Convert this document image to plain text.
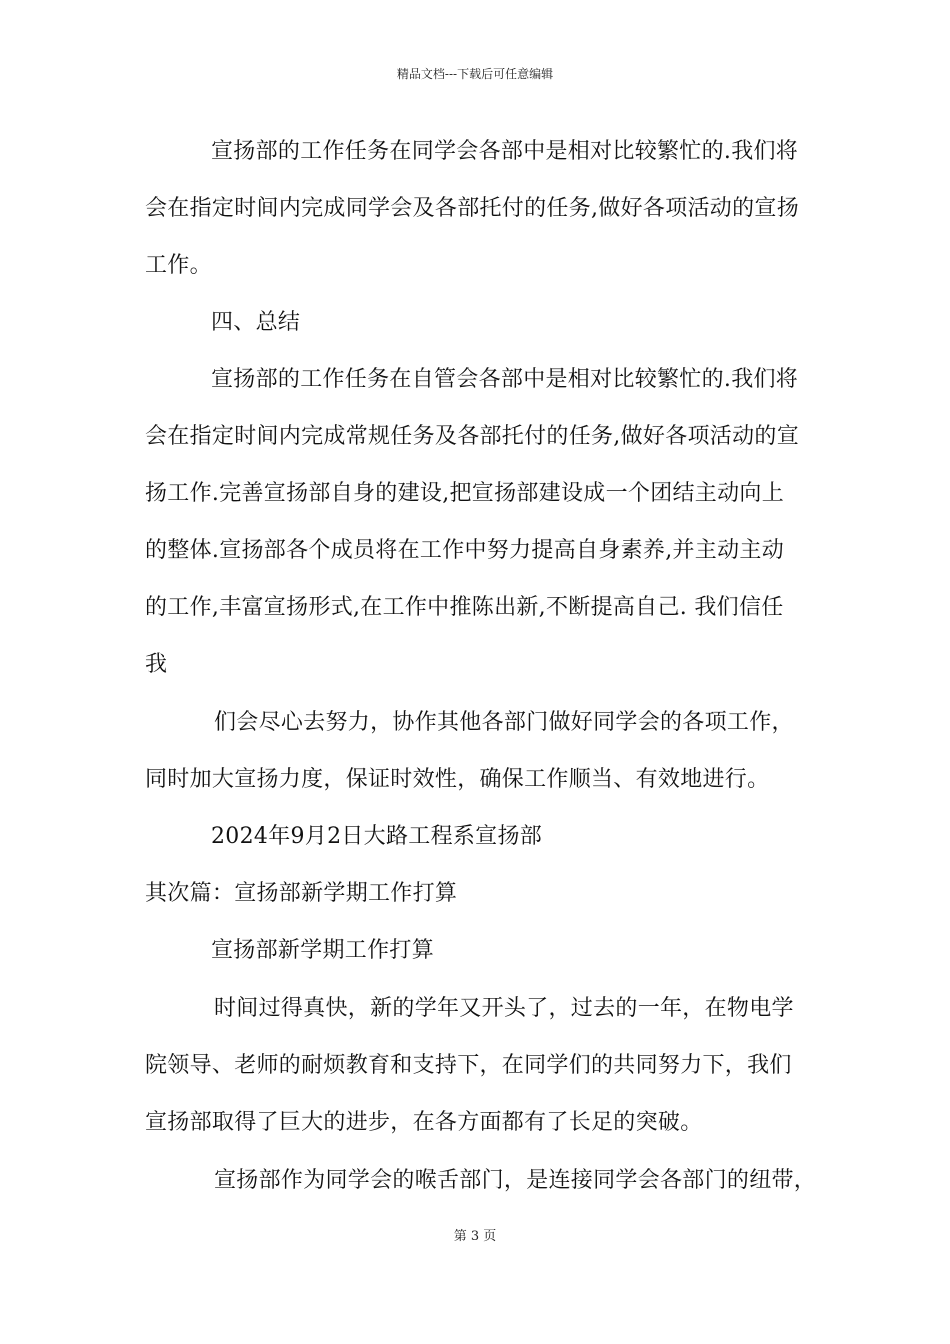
精品文档---下载后可任意编辑
宣扬部的工作任务在同学会各部中是相对比较繁忙的.我们将
会在指定时间内完成同学会及各部托付的任务,做好各项活动的宣扬
工作。
四、总结
宣扬部的工作任务在自管会各部中是相对比较繁忙的.我们将
会在指定时间内完成常规任务及各部托付的任务,做好各项活动的宣
扬工作.完善宣扬部自身的建设,把宣扬部建设成一个团结主动向上
的整体.宣扬部各个成员将在工作中努力提高自身素养,并主动主动
的工作,丰富宣扬形式,在工作中推陈出新,不断提高自己. 我们信任
我
们会尽心去努力，协作其他各部门做好同学会的各项工作，
同时加大宣扬力度，保证时效性，确保工作顺当、有效地进行。
2024年9月2日大路工程系宣扬部
其次篇：宣扬部新学期工作打算
宣扬部新学期工作打算
时间过得真快，新的学年又开头了，过去的一年，在物电学
院领导、老师的耐烦教育和支持下，在同学们的共同努力下，我们
宣扬部取得了巨大的进步，在各方面都有了长足的突破。
宣扬部作为同学会的喉舌部门，是连接同学会各部门的纽带，
第 3 页
